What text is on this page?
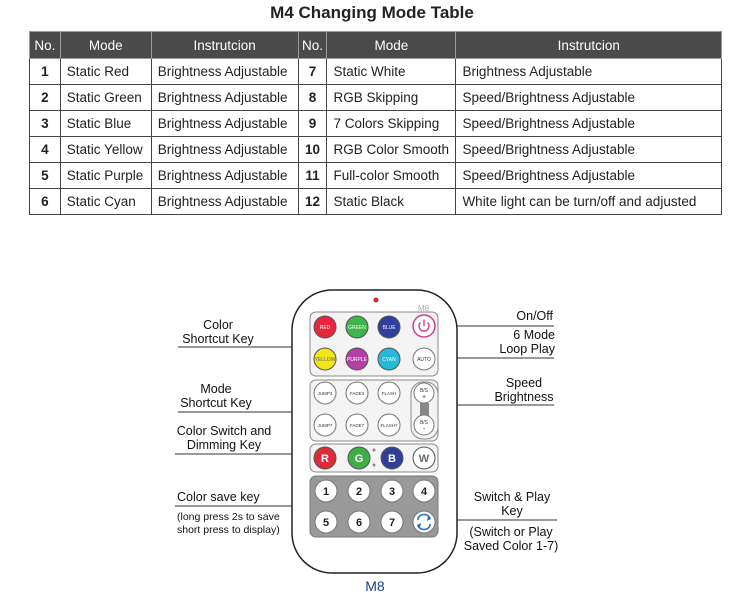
M4 Changing Mode Table
No.	Mode	Instrutcion	No.	Mode	Instrutcion
1	Static Red	Brightness Adjustable	7	Static White	Brightness Adjustable
2	Static Green	Brightness Adjustable	8	RGB Skipping	Speed/Brightness Adjustable
3	Static Blue	Brightness Adjustable	9	7 Colors Skipping	Speed/Brightness Adjustable
4	Static Yellow	Brightness Adjustable	10	RGB Color Smooth	Speed/Brightness Adjustable
5	Static Purple	Brightness Adjustable	11	Full-color Smooth	Speed/Brightness Adjustable
6	Static Cyan	Brightness Adjustable	12	Static Black	White light can be turn/off and adjusted
RED	GREEN	BLUE
YELLOW PURPLE	CYAN	AUTO
JUMP3	FADE3	FLASH
JUMP7	FADE7	FLASH7
B/S
+
B/S
-
R G B W
1 2 3 4
5 6 7
M8
Color
Shortcut Key
Mode
Shortcut Key
Color Switch and
Dimming Key
Color save key
(long press 2s to save
short press to display)
On/Off
6 Mode
Loop Play
Speed
Brightness
Switch & Play
Key
(Switch or Play
Saved Color 1-7)
M8
